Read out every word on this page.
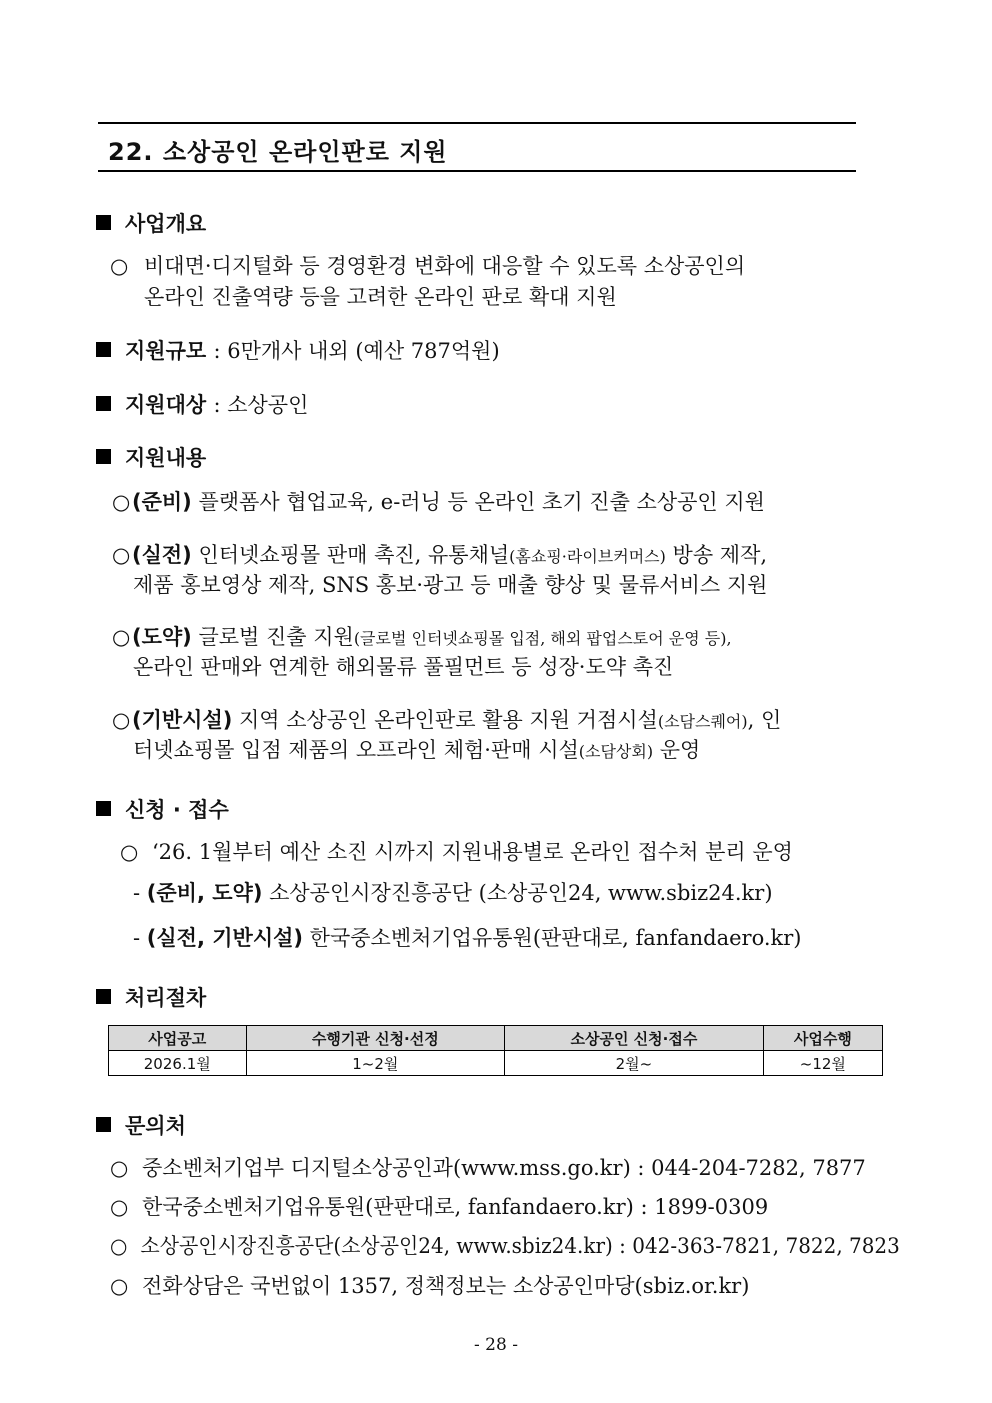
22. 소상공인 온라인판로 지원
사업개요
○ 비대면·디지털화 등 경영환경 변화에 대응할 수 있도록 소상공인의
온라인 진출역량 등을 고려한 온라인 판로 확대 지원
지원규모 : 6만개사 내외 (예산 787억원)
지원대상 : 소상공인
지원내용
○(준비) 플랫폼사 협업교육, e-러닝 등 온라인 초기 진출 소상공인 지원
○(실전) 인터넷쇼핑몰 판매 촉진, 유통채널(홈쇼핑·라이브커머스) 방송 제작,
제품 홍보영상 제작, SNS 홍보·광고 등 매출 향상 및 물류서비스 지원
○(도약) 글로벌 진출 지원(글로벌 인터넷쇼핑몰 입점, 해외 팝업스토어 운영 등),
온라인 판매와 연계한 해외물류 풀필먼트 등 성장·도약 촉진
○(기반시설) 지역 소상공인 온라인판로 활용 지원 거점시설(소담스퀘어), 인
터넷쇼핑몰 입점 제품의 오프라인 체험·판매 시설(소담상회) 운영
신청 · 접수
○ ‘26. 1월부터 예산 소진 시까지 지원내용별로 온라인 접수처 분리 운영
- (준비, 도약) 소상공인시장진흥공단 (소상공인24, www.sbiz24.kr)
- (실전, 기반시설) 한국중소벤처기업유통원(판판대로, fanfandaero.kr)
처리절차
사업공고	수행기관 신청·선정	소상공인 신청·접수	사업수행
2026.1월	1~2월	2월~	~12월
문의처
○ 중소벤처기업부 디지털소상공인과(www.mss.go.kr) : 044-204-7282, 7877
○ 한국중소벤처기업유통원(판판대로, fanfandaero.kr) : 1899-0309
○ 소상공인시장진흥공단(소상공인24, www.sbiz24.kr) : 042-363-7821, 7822, 7823
○ 전화상담은 국번없이 1357, 정책정보는 소상공인마당(sbiz.or.kr)
- 28 -
